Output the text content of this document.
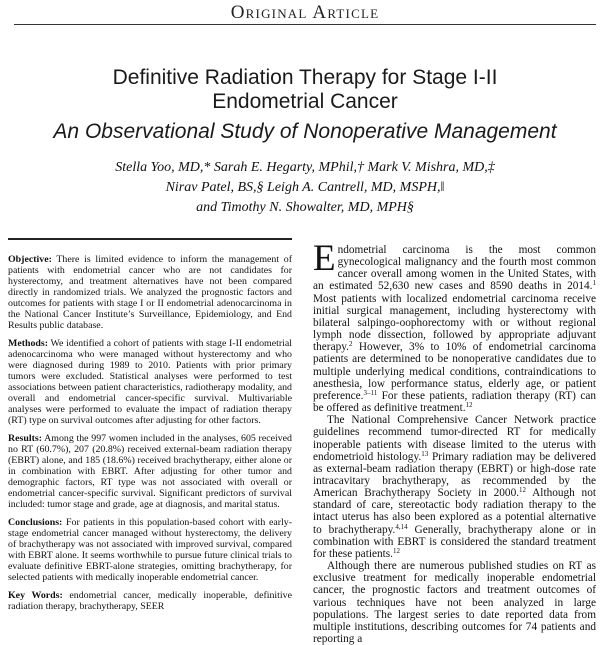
Original Article
Definitive Radiation Therapy for Stage I-II
Endometrial Cancer
An Observational Study of Nonoperative Management
Stella Yoo, MD,* Sarah E. Hegarty, MPhil,† Mark V. Mishra, MD,‡
Nirav Patel, BS,§ Leigh A. Cantrell, MD, MSPH,‖
and Timothy N. Showalter, MD, MPH§

Objective: There is limited evidence to inform the management of patients with endometrial cancer who are not candidates for hysterectomy, and treatment alternatives have not been compared directly in randomized trials. We analyzed the prognostic factors and outcomes for patients with stage I or II endometrial adenocarcinoma in the National Cancer Institute’s Surveillance, Epidemiology, and End Results public database.

Methods: We identified a cohort of patients with stage I-II endometrial adenocarcinoma who were managed without hysterectomy and who were diagnosed during 1989 to 2010. Patients with prior primary tumors were excluded. Statistical analyses were performed to test associations between patient characteristics, radiotherapy modality, and overall and endometrial cancer-specific survival. Multivariable analyses were performed to evaluate the impact of radiation therapy (RT) type on survival outcomes after adjusting for other factors.

Results: Among the 997 women included in the analyses, 605 received no RT (60.7%), 207 (20.8%) received external-beam radiation therapy (EBRT) alone, and 185 (18.6%) received brachytherapy, either alone or in combination with EBRT. After adjusting for other tumor and demographic factors, RT type was not associated with overall or endometrial cancer-specific survival. Significant predictors of survival included: tumor stage and grade, age at diagnosis, and marital status.

Conclusions: For patients in this population-based cohort with early-stage endometrial cancer managed without hysterectomy, the delivery of brachytherapy was not associated with improved survival, compared with EBRT alone. It seems worthwhile to pursue future clinical trials to evaluate definitive EBRT-alone strategies, omitting brachytherapy, for selected patients with medically inoperable endometrial cancer.

Key Words: endometrial cancer, medically inoperable, definitive radiation therapy, brachytherapy, SEER

Endometrial carcinoma is the most common gynecological malignancy and the fourth most common cancer overall among women in the United States, with an estimated 52,630 new cases and 8590 deaths in 2014.$^1$ Most patients with localized endometrial carcinoma receive initial surgical management, including hysterectomy with bilateral salpingo-oophorectomy with or without regional lymph node dissection, followed by appropriate adjuvant therapy.$^2$ However, 3% to 10% of endometrial carcinoma patients are determined to be nonoperative candidates due to multiple underlying medical conditions, contraindications to anesthesia, low performance status, elderly age, or patient preference.$^{3-11}$ For these patients, radiation therapy (RT) can be offered as definitive treatment.$^{12}$

The National Comprehensive Cancer Network practice guidelines recommend tumor-directed RT for medically inoperable patients with disease limited to the uterus with endometrioid histology.$^{13}$ Primary radiation may be delivered as external-beam radiation therapy (EBRT) or high-dose rate intracavitary brachytherapy, as recommended by the American Brachytherapy Society in 2000.12 Although not standard of care, stereotactic body radiation therapy to the intact uterus has also been explored as a potential alternative to brachytherapy.$^{4,14}$ Generally, brachytherapy alone or in combination with EBRT is considered the standard treatment for these patients.$^{12}$

Although there are numerous published studies on RT as exclusive treatment for medically inoperable endometrial cancer, the prognostic factors and treatment outcomes of various techniques have not been analyzed in large populations. The largest series to date reported data from multiple institutions, describing outcomes for 74 patients and reporting a
